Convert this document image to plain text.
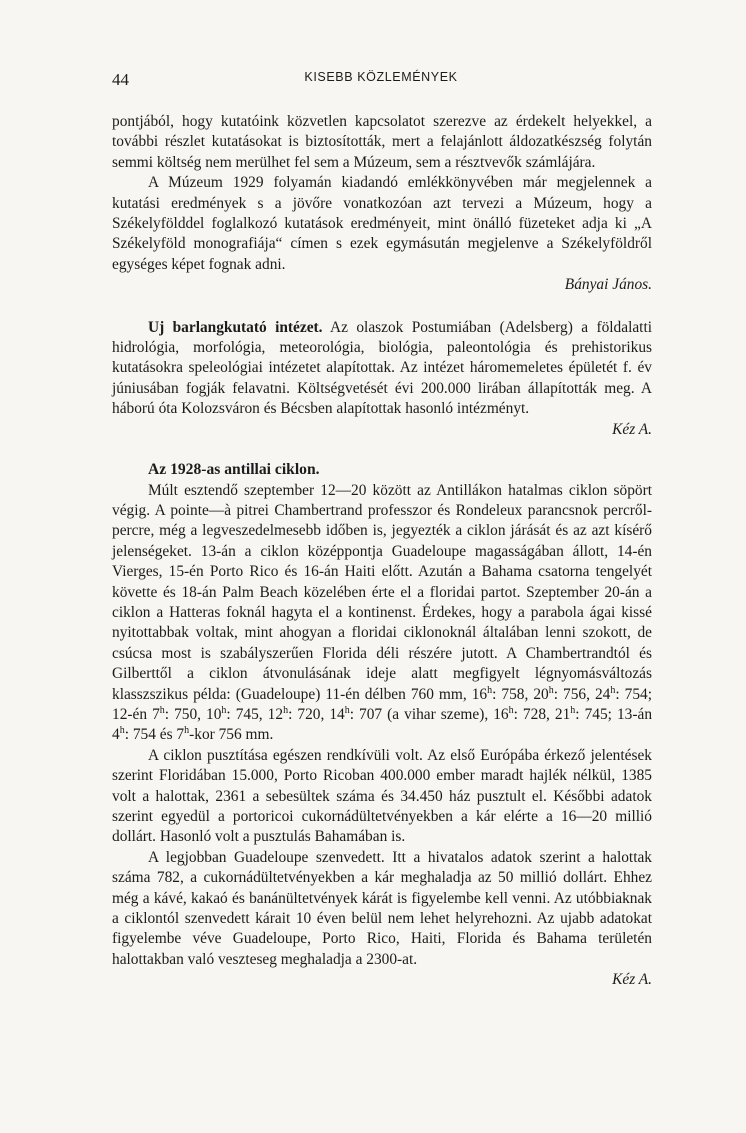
44	KISEBB KÖZLEMÉNYEK

pontjából, hogy kutatóink közvetlen kapcsolatot szerezve az érdekelt helyekkel, a további részlet kutatásokat is biztosították, mert a felajánlott áldozatkészség folytán semmi költség nem merülhet fel sem a Múzeum, sem a résztvevők számlájára.

A Múzeum 1929 folyamán kiadandó emlékkönyvében már megjelennek a kutatási eredmények s a jövőre vonatkozóan azt tervezi a Múzeum, hogy a Székelyfölddel foglalkozó kutatások eredményeit, mint önálló füzeteket adja ki „A Székelyföld monografiája“ címen s ezek egymásután megjelenve a Székelyföldről egységes képet fognak adni.

Bányai János.

Uj barlangkutató intézet. Az olaszok Postumiában (Adelsberg) a földalatti hidrológia, morfológia, meteorológia, biológia, paleontológia és prehistorikus kutatásokra speleológiai intézetet alapítottak. Az intézet háromemeletes épületét f. év júniusában fogják felavatni. Költségvetését évi 200.000 lirában állapították meg. A háború óta Kolozsváron és Bécsben alapítottak hasonló intézményt.

Kéz A.

Az 1928-as antillai ciklon.

Múlt esztendő szeptember 12—20 között az Antillákon hatalmas ciklon söpört végig. A pointe—à pitrei Chambertrand professzor és Rondeleux parancsnok percről-percre, még a legveszedelmesebb időben is, jegyezték a ciklon járását és az azt kísérő jelenségeket. 13-án a ciklon középpontja Guadeloupe magasságában állott, 14-én Vierges, 15-én Porto Rico és 16-án Haiti előtt. Azután a Bahama csatorna tengelyét követte és 18-án Palm Beach közelében érte el a floridai partot. Szeptember 20-án a ciklon a Hatteras foknál hagyta el a kontinenst. Érdekes, hogy a parabola ágai kissé nyitottabbak voltak, mint ahogyan a floridai ciklonoknál általában lenni szokott, de csúcsa most is szabályszerűen Florida déli részére jutott. A Chambertrandtól és Gilberttől a ciklon átvonulásának ideje alatt megfigyelt légnyomásváltozás klasszszikus példa: (Guadeloupe) 11-én délben 760 mm, 16$^h$: 758, 20$^h$: 756, 24$^h$: 754; 12-én 7$^h$: 750, 10$^h$: 745, 12$^h$: 720, 14$^h$: 707 (a vihar szeme), 16$^h$: 728, 21$^h$: 745; 13-án 4$^h$: 754 és 7$^h$-kor 756 mm.

A ciklon pusztítása egészen rendkívüli volt. Az első Európába érkező jelentések szerint Floridában 15.000, Porto Ricoban 400.000 ember maradt hajlék nélkül, 1385 volt a halottak, 2361 a sebesültek száma és 34.450 ház pusztult el. Későbbi adatok szerint egyedül a portoricoi cukornádültetvényekben a kár elérte a 16—20 millió dollárt. Hasonló volt a pusztulás Bahamában is.

A legjobban Guadeloupe szenvedett. Itt a hivatalos adatok szerint a halottak száma 782, a cukornádültetvényekben a kár meghaladja az 50 millió dollárt. Ehhez még a kávé, kakaó és banánültetvények kárát is figyelembe kell venni. Az utóbbiaknak a ciklontól szenvedett kárait 10 éven belül nem lehet helyrehozni. Az ujabb adatokat figyelembe véve Guadeloupe, Porto Rico, Haiti, Florida és Bahama területén halottakban való veszteseg meghaladja a 2300-at.

Kéz A.
